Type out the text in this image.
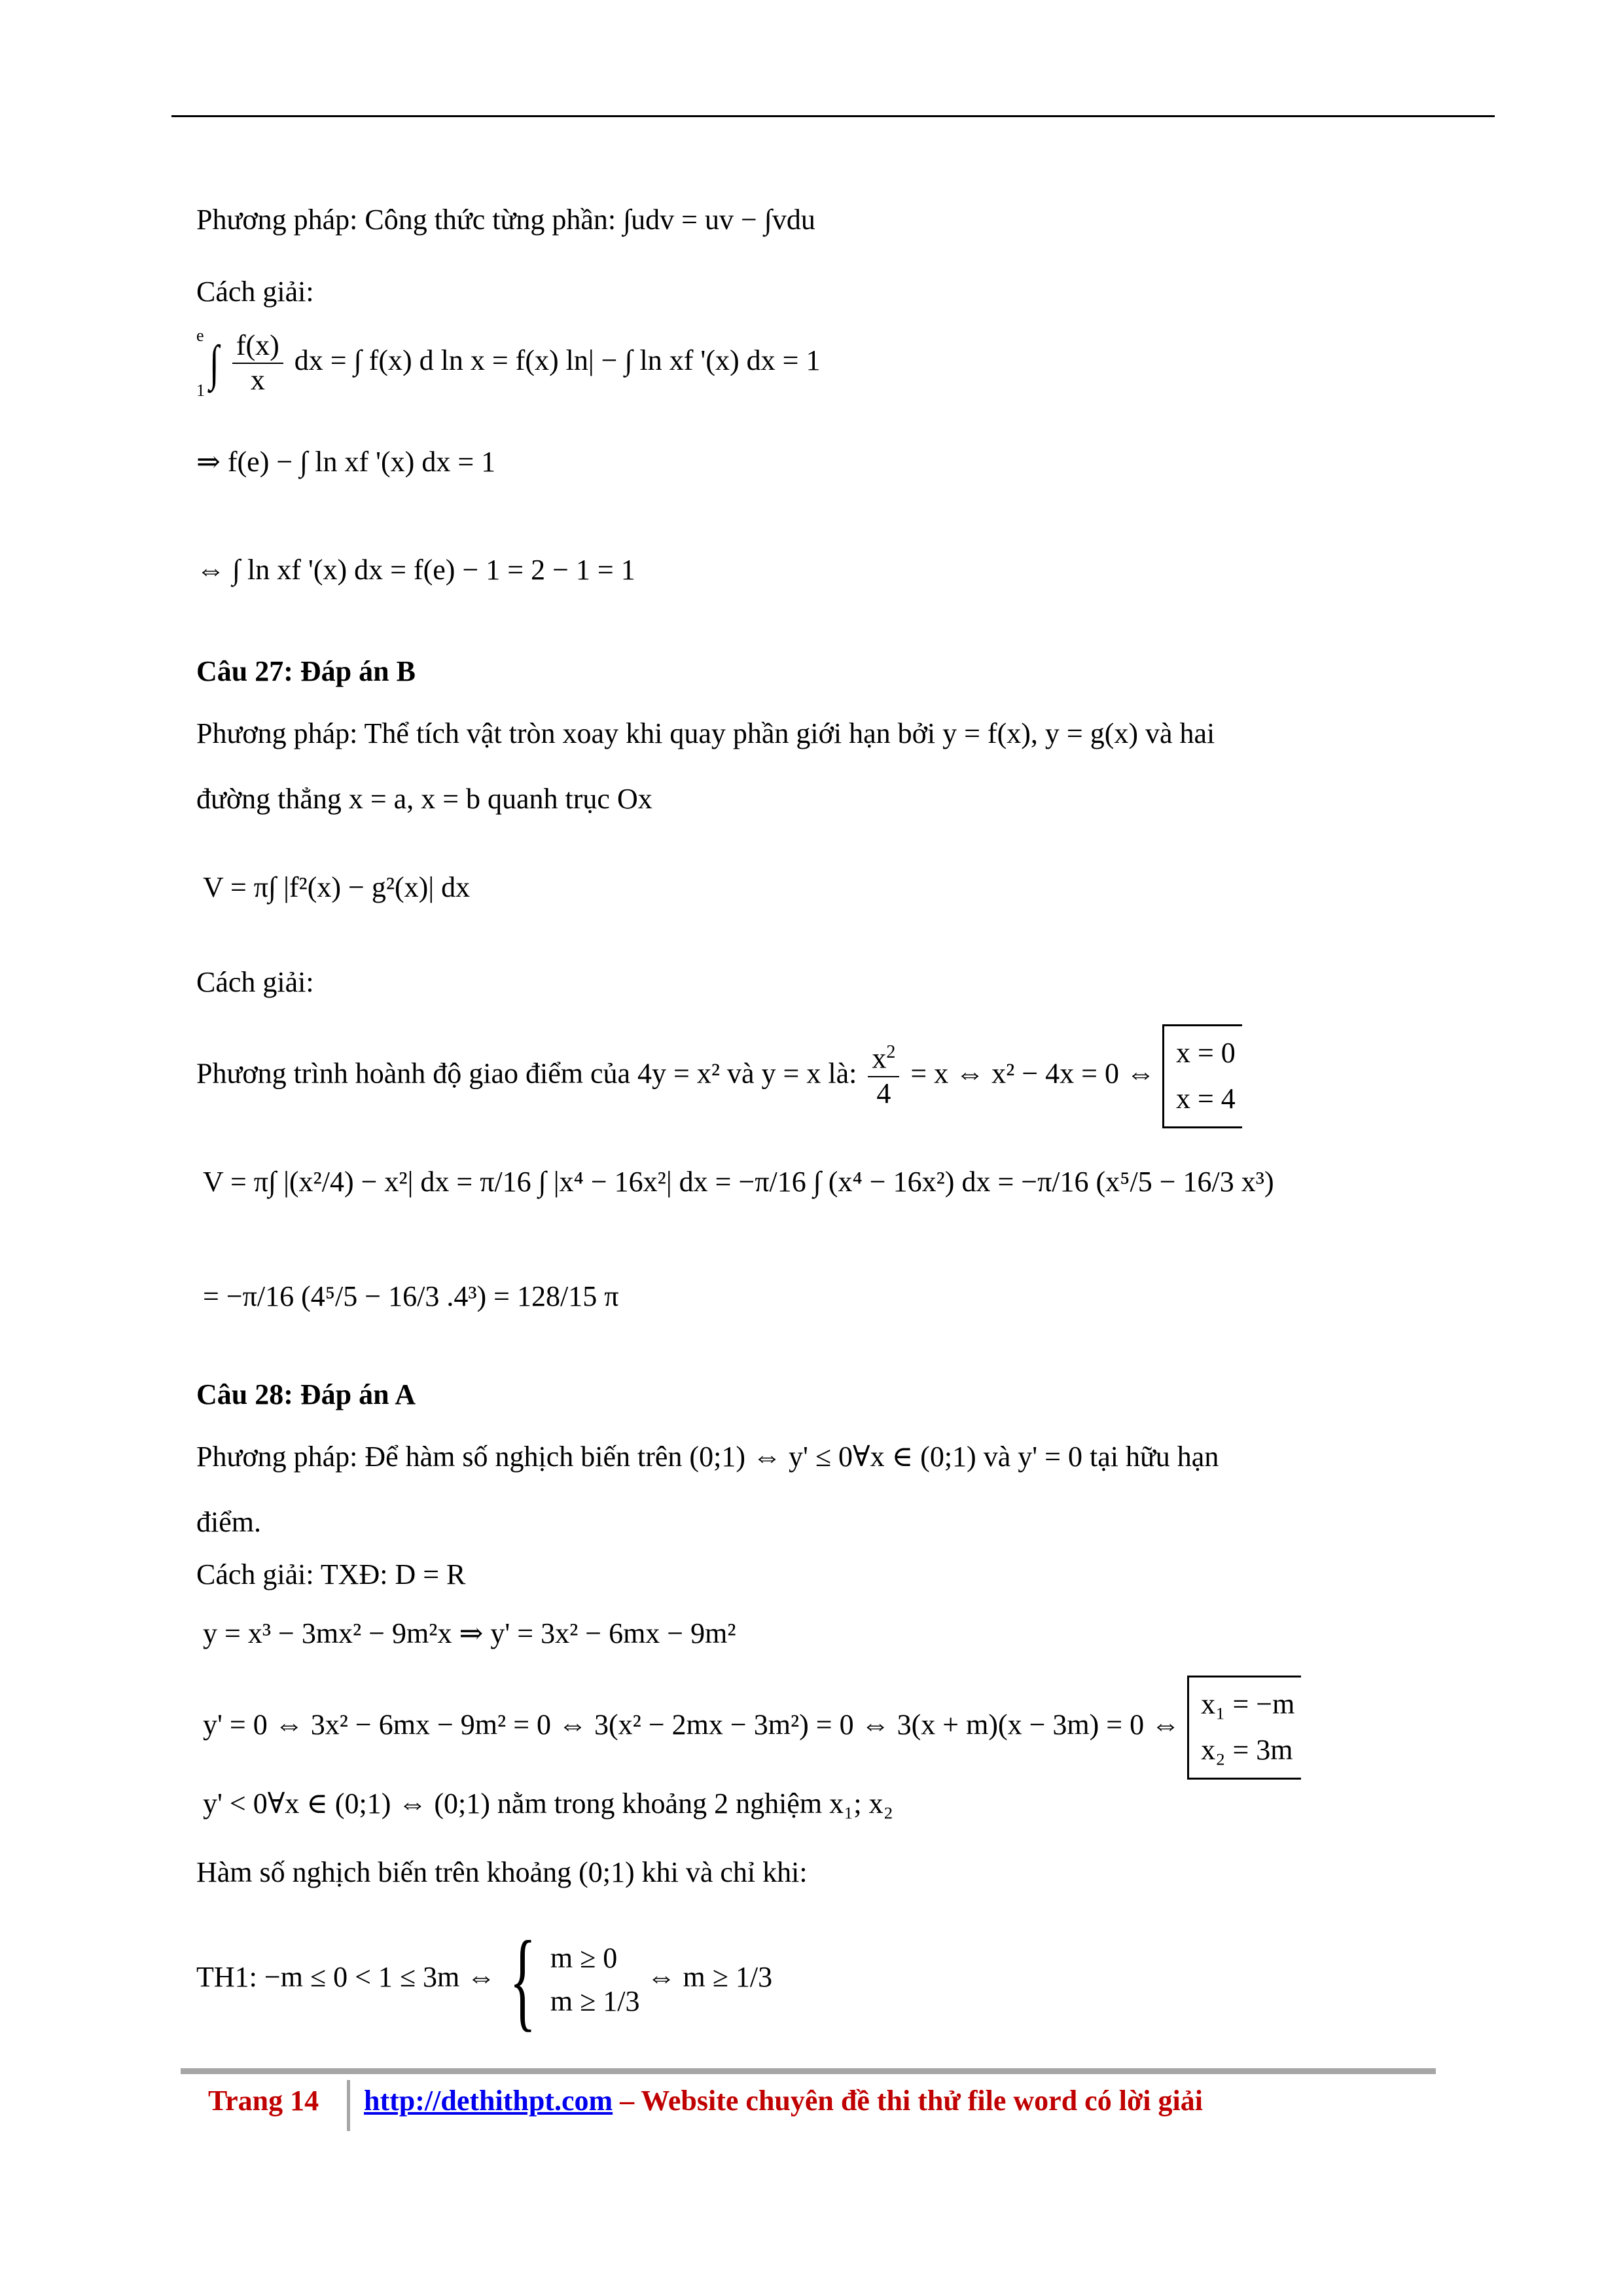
Phương pháp: Công thức từng phần: ∫udv = uv − ∫vdu
Cách giải:
e
1 ∫ $\frac{f(x)}{x}$ dx = ∫ f(x) d ln x = f(x) ln| − ∫ ln xf '(x) dx = 1
⇒ f(e) − ∫ ln xf '(x) dx = 1
⇔ ∫ ln xf '(x) dx = f(e) − 1 = 2 − 1 = 1
Câu 27: Đáp án B
Phương pháp: Thể tích vật tròn xoay khi quay phần giới hạn bởi y = f(x), y = g(x) và hai
đường thẳng x = a, x = b quanh trục Ox
V = π∫ |f²(x) − g²(x)| dx
Cách giải:
Phương trình hoành độ giao điểm của 4y = x² và y = x là: $\frac{x^2}{4} = x$ ⇔ x² − 4x = 0 ⇔
x = 0
x = 4
V = π∫ |(x²/4) − x²| dx = π/16 ∫ |x⁴ − 16x²| dx = −π/16 ∫ (x⁴ − 16x²) dx = −π/16 (x⁵/5 − 16/3 x³)
= −π/16 (4⁵/5 − 16/3 .4³) = 128/15 π
Câu 28: Đáp án A
Phương pháp: Để hàm số nghịch biến trên (0;1) ⇔ y' ≤ 0∀x ∈ (0;1) và y' = 0 tại hữu hạn
điểm.
Cách giải: TXĐ: D = R
y = x³ − 3mx² − 9m²x ⇒ y' = 3x² − 6mx − 9m²
y' = 0 ⇔ 3x² − 6mx − 9m² = 0 ⇔ 3(x² − 2mx − 3m²) = 0 ⇔ 3(x + m)(x − 3m) = 0 ⇔
x₁ = −m
x₂ = 3m
y' < 0∀x ∈ (0;1) ⇔ (0;1) nằm trong khoảng 2 nghiệm x₁; x₂
Hàm số nghịch biến trên khoảng (0;1) khi và chỉ khi:
TH1: −m ≤ 0 < 1 ≤ 3m ⇔ { m ≥ 0
m ≥ 1/3
⇔ m ≥ 1/3
Trang 14 http://dethithpt.com – Website chuyên đề thi thử file word có lời giải
